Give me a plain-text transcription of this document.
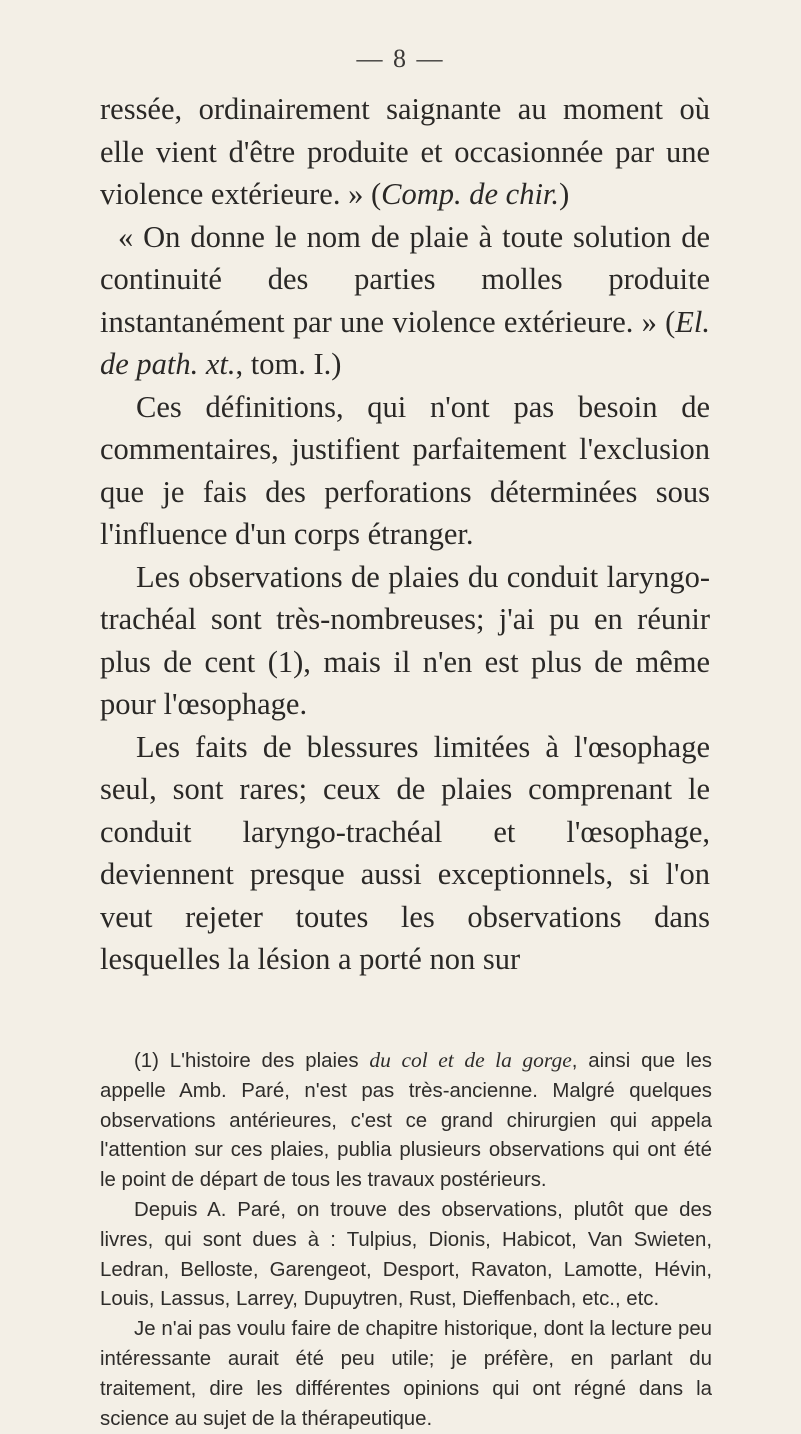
— 8 —

ressée, ordinairement saignante au moment où elle vient d'être produite et occasionnée par une violence extérieure. » (Comp. de chir.)

« On donne le nom de plaie à toute solution de continuité des parties molles produite instantanément par une violence extérieure. » (El. de path. xt., tom. I.)

Ces définitions, qui n'ont pas besoin de commentaires, justifient parfaitement l'exclusion que je fais des perforations déterminées sous l'influence d'un corps étranger.

Les observations de plaies du conduit laryngo-trachéal sont très-nombreuses; j'ai pu en réunir plus de cent (1), mais il n'en est plus de même pour l'œsophage.

Les faits de blessures limitées à l'œsophage seul, sont rares; ceux de plaies comprenant le conduit laryngo-trachéal et l'œsophage, deviennent presque aussi exceptionnels, si l'on veut rejeter toutes les observations dans lesquelles la lésion a porté non sur

(1) L'histoire des plaies du col et de la gorge, ainsi que les appelle Amb. Paré, n'est pas très-ancienne. Malgré quelques observations antérieures, c'est ce grand chirurgien qui appela l'attention sur ces plaies, publia plusieurs observations qui ont été le point de départ de tous les travaux postérieurs.

Depuis A. Paré, on trouve des observations, plutôt que des livres, qui sont dues à : Tulpius, Dionis, Habicot, Van Swieten, Ledran, Belloste, Garengeot, Desport, Ravaton, Lamotte, Hévin, Louis, Lassus, Larrey, Dupuytren, Rust, Dieffenbach, etc., etc.

Je n'ai pas voulu faire de chapitre historique, dont la lecture peu intéressante aurait été peu utile; je préfère, en parlant du traitement, dire les différentes opinions qui ont régné dans la science au sujet de la thérapeutique.
